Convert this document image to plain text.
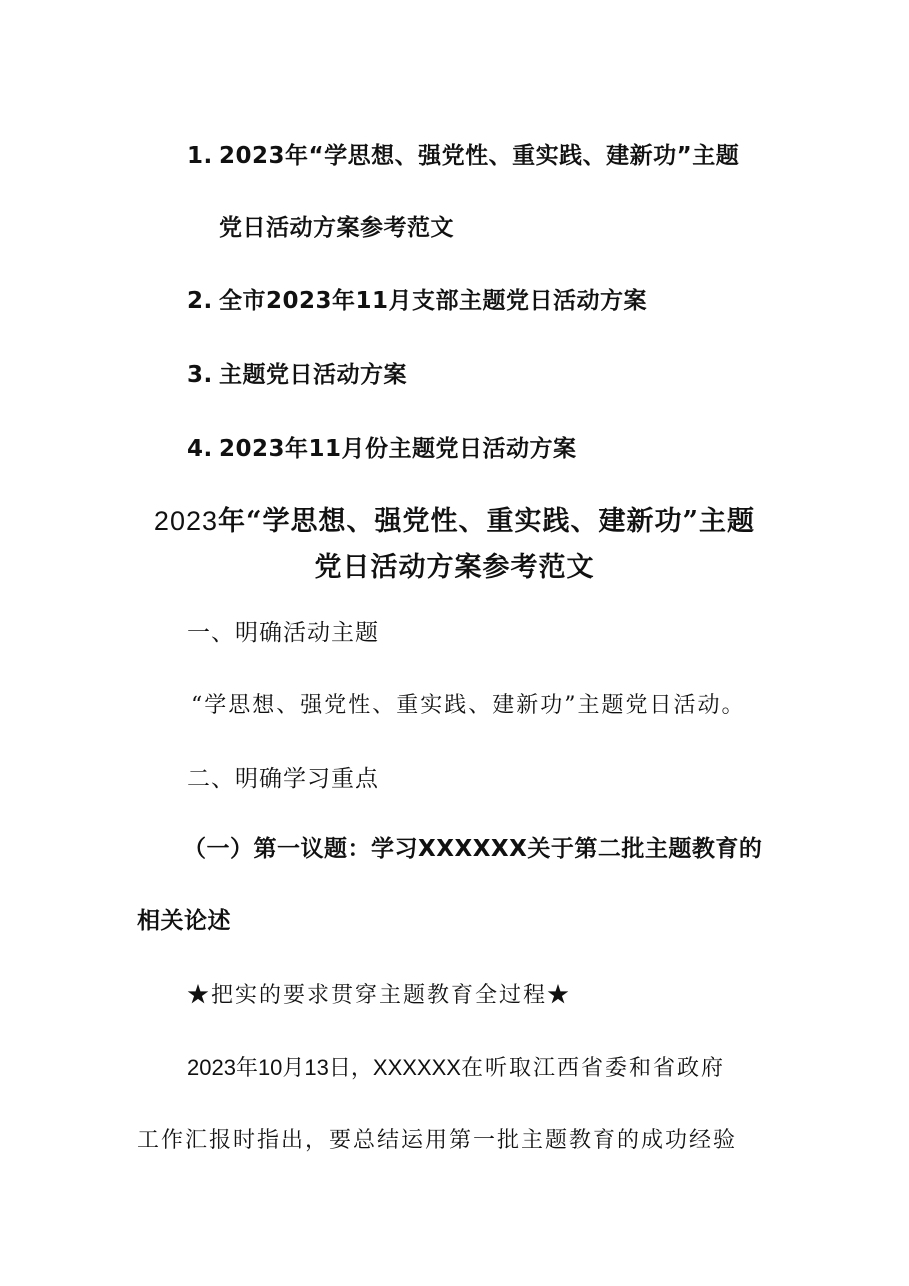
1. 2023年“学思想、强党性、重实践、建新功”主题
党日活动方案参考范文
2. 全市2023年11月支部主题党日活动方案
3. 主题党日活动方案
4. 2023年11月份主题党日活动方案
2023年“学思想、强党性、重实践、建新功”主题
党日活动方案参考范文
一、明确活动主题
“学思想、强党性、重实践、建新功”主题党日活动。
二、明确学习重点
（一）第一议题：学习XXXXXX关于第二批主题教育的
相关论述
★把实的要求贯穿主题教育全过程★
2023年10月13日，XXXXXX在听取江西省委和省政府
工作汇报时指出，要总结运用第一批主题教育的成功经验
